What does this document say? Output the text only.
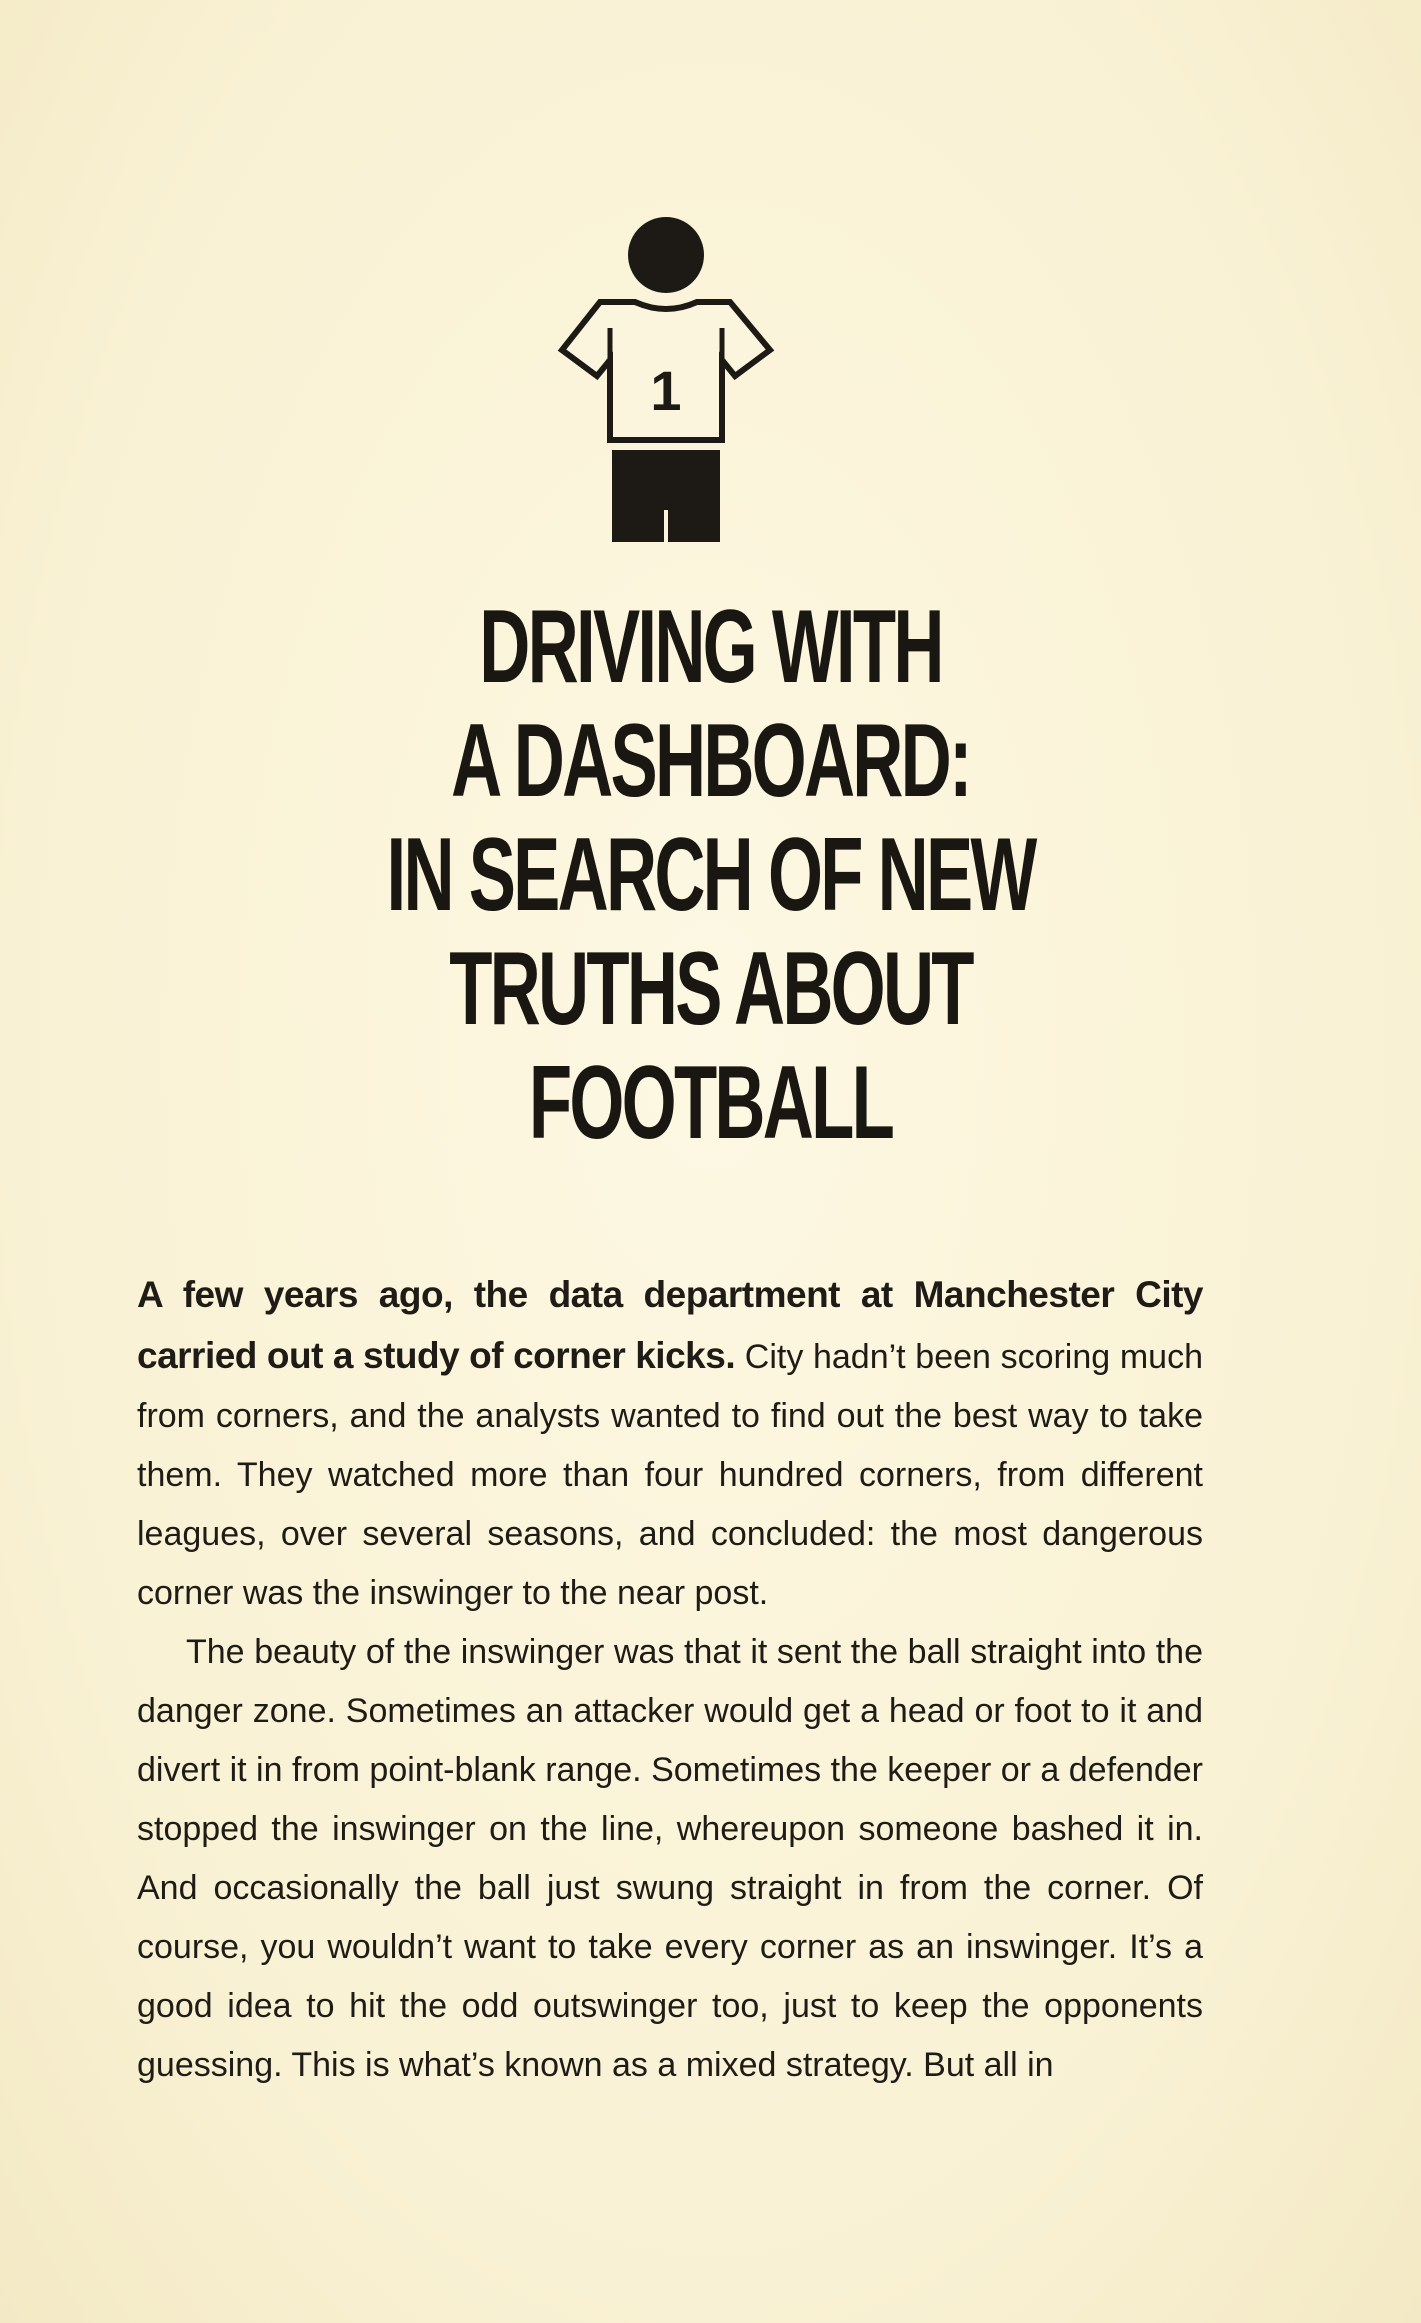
1
DRIVING WITH
A DASHBOARD:
IN SEARCH OF NEW
TRUTHS ABOUT
FOOTBALL

A few years ago, the data department at Manchester City carried out a study of corner kicks. City hadn’t been scoring much from corners, and the analysts wanted to find out the best way to take them. They watched more than four hundred corners, from different leagues, over several seasons, and concluded: the most dangerous corner was the inswinger to the near post.

The beauty of the inswinger was that it sent the ball straight into the danger zone. Sometimes an attacker would get a head or foot to it and divert it in from point-blank range. Sometimes the keeper or a defender stopped the inswinger on the line, whereupon someone bashed it in. And occasionally the ball just swung straight in from the corner. Of course, you wouldn’t want to take every corner as an inswinger. It’s a good idea to hit the odd outswinger too, just to keep the opponents guessing. This is what’s known as a mixed strategy. But all in
